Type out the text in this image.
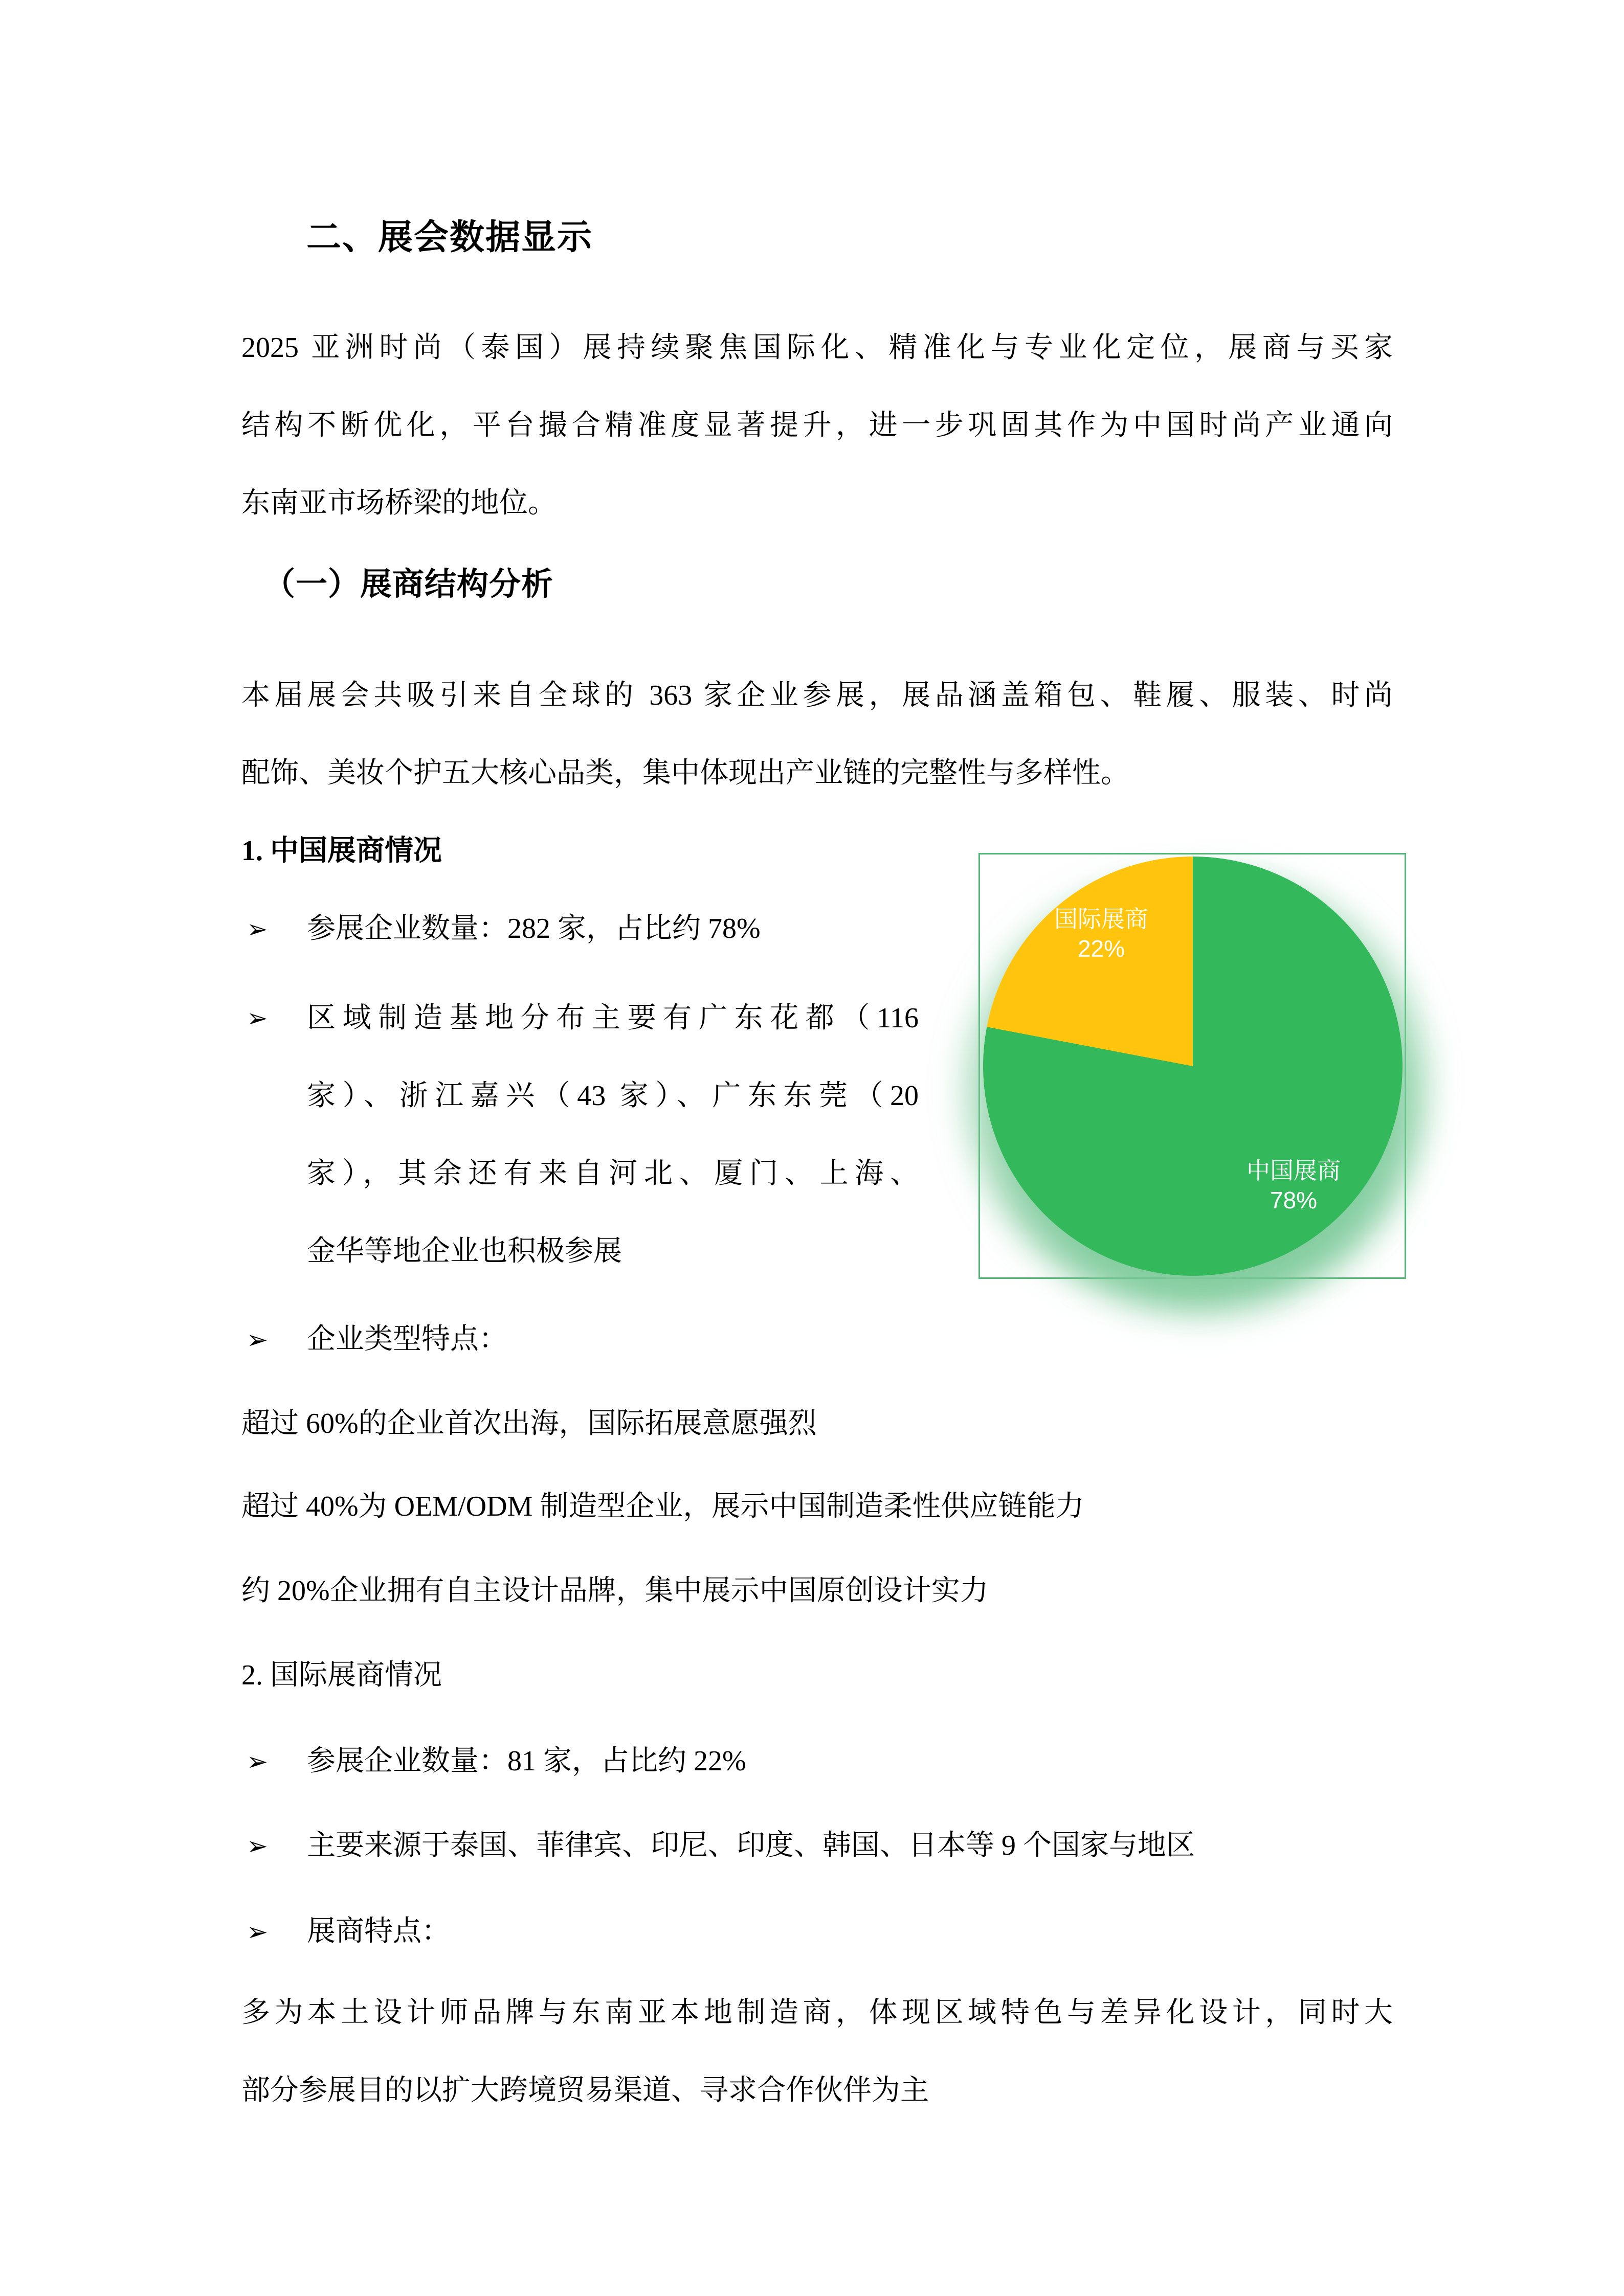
二、展会数据显示
2025 亚洲时尚（泰国）展持续聚焦国际化、精准化与专业化定位，展商与买家
结构不断优化，平台撮合精准度显著提升，进一步巩固其作为中国时尚产业通向
东南亚市场桥梁的地位。
（一）展商结构分析
本届展会共吸引来自全球的 363 家企业参展，展品涵盖箱包、鞋履、服装、时尚
配饰、美妆个护五大核心品类，集中体现出产业链的完整性与多样性。
1. 中国展商情况
➢ 参展企业数量：282 家，占比约 78%
➢ 区域制造基地分布主要有广东花都（116
家）、浙江嘉兴（43 家）、广东东莞（20
家），其余还有来自河北、厦门、上海、
金华等地企业也积极参展
➢ 企业类型特点：
超过 60%的企业首次出海，国际拓展意愿强烈
超过 40%为 OEM/ODM 制造型企业，展示中国制造柔性供应链能力
约 20%企业拥有自主设计品牌，集中展示中国原创设计实力
2. 国际展商情况
➢ 参展企业数量：81 家，占比约 22%
➢ 主要来源于泰国、菲律宾、印尼、印度、韩国、日本等 9 个国家与地区
➢ 展商特点：
多为本土设计师品牌与东南亚本地制造商，体现区域特色与差异化设计，同时大
部分参展目的以扩大跨境贸易渠道、寻求合作伙伴为主
国际展商
22%
中国展商
78%
